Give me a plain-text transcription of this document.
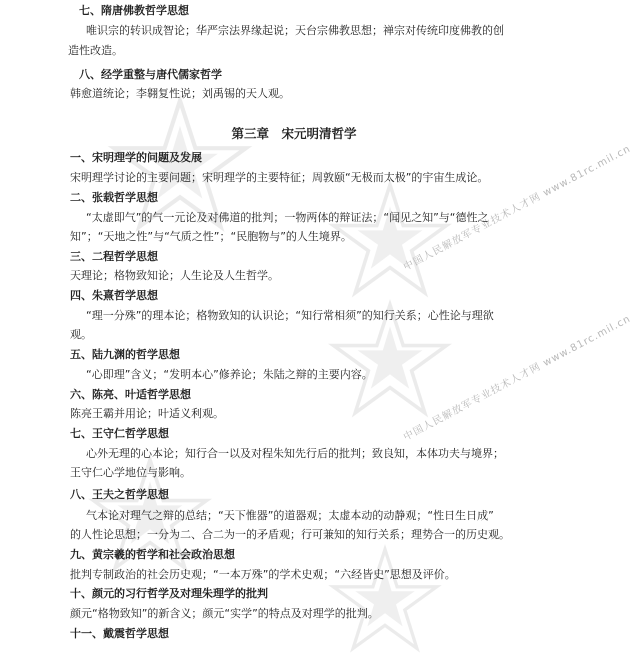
中国人民解放军专业技术人才网 www.81rc.mil.cn
中国人民解放军专业技术人才网 www.81rc.mil.cn
七、隋唐佛教哲学思想
唯识宗的转识成智论；华严宗法界缘起说；天台宗佛教思想；禅宗对传统印度佛教的创
造性改造。
八、经学重整与唐代儒家哲学
韩愈道统论；李翱复性说；刘禹锡的天人观。
第三章　宋元明清哲学
一、宋明理学的问题及发展
宋明理学讨论的主要问题；宋明理学的主要特征；周敦颐“无极而太极”的宇宙生成论。
二、张载哲学思想
“太虚即气”的气一元论及对佛道的批判；一物两体的辩证法；“闻见之知”与“德性之
知”；“天地之性”与“气质之性”；“民胞物与”的人生境界。
三、二程哲学思想
天理论；格物致知论；人生论及人生哲学。
四、朱熹哲学思想
“理一分殊”的理本论；格物致知的认识论；“知行常相须”的知行关系；心性论与理欲
观。
五、陆九渊的哲学思想
“心即理”含义；“发明本心”修养论；朱陆之辩的主要内容。
六、陈亮、叶适哲学思想
陈亮王霸并用论；叶适义利观。
七、王守仁哲学思想
心外无理的心本论；知行合一以及对程朱知先行后的批判；致良知，本体功夫与境界；
王守仁心学地位与影响。
八、王夫之哲学思想
气本论对理气之辩的总结；“天下惟器”的道器观；太虚本动的动静观；“性日生日成”
的人性论思想；一分为二、合二为一的矛盾观；行可兼知的知行关系；理势合一的历史观。
九、黄宗羲的哲学和社会政治思想
批判专制政治的社会历史观；“一本万殊”的学术史观；“六经皆史”思想及评价。
十、颜元的习行哲学及对理朱理学的批判
颜元“格物致知”的新含义；颜元“实学”的特点及对理学的批判。
十一、戴震哲学思想
